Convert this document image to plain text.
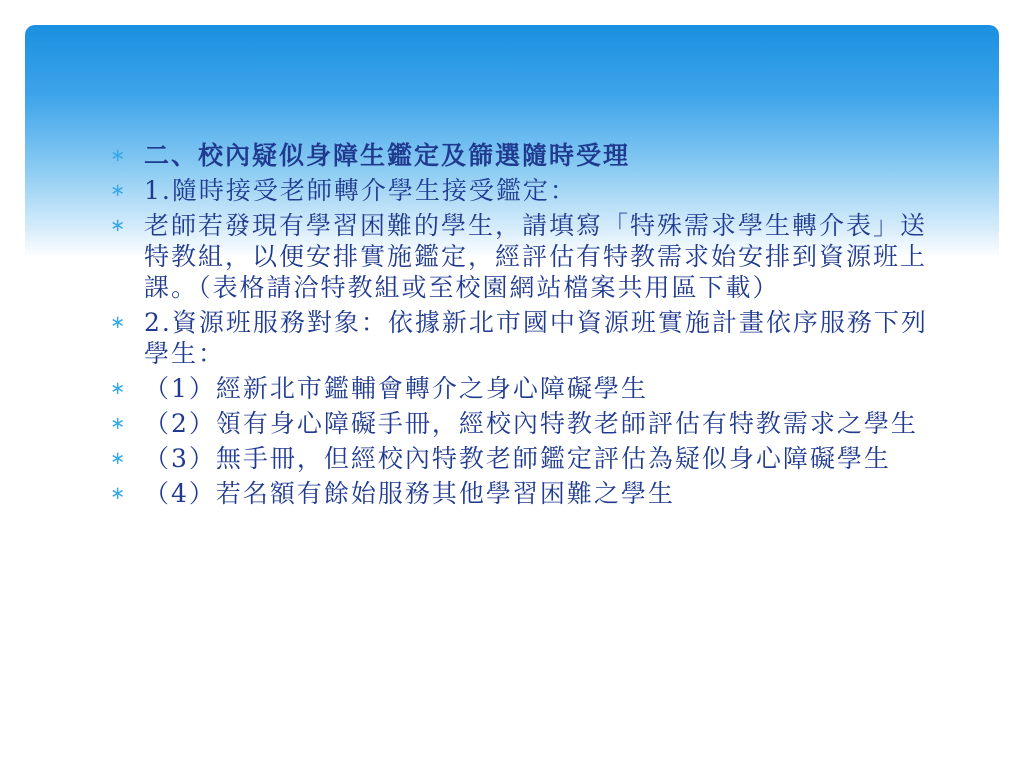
∗ 二、校內疑似身障生鑑定及篩選隨時受理
∗ 1.隨時接受老師轉介學生接受鑑定：
∗ 老師若發現有學習困難的學生，請填寫「特殊需求學生轉介表」送特教組，以便安排實施鑑定，經評估有特教需求始安排到資源班上課。（表格請洽特教組或至校園網站檔案共用區下載）
∗ 2.資源班服務對象：依據新北市國中資源班實施計畫依序服務下列學生：
∗ （1）經新北市鑑輔會轉介之身心障礙學生
∗ （2）領有身心障礙手冊，經校內特教老師評估有特教需求之學生
∗ （3）無手冊，但經校內特教老師鑑定評估為疑似身心障礙學生
∗ （4）若名額有餘始服務其他學習困難之學生
